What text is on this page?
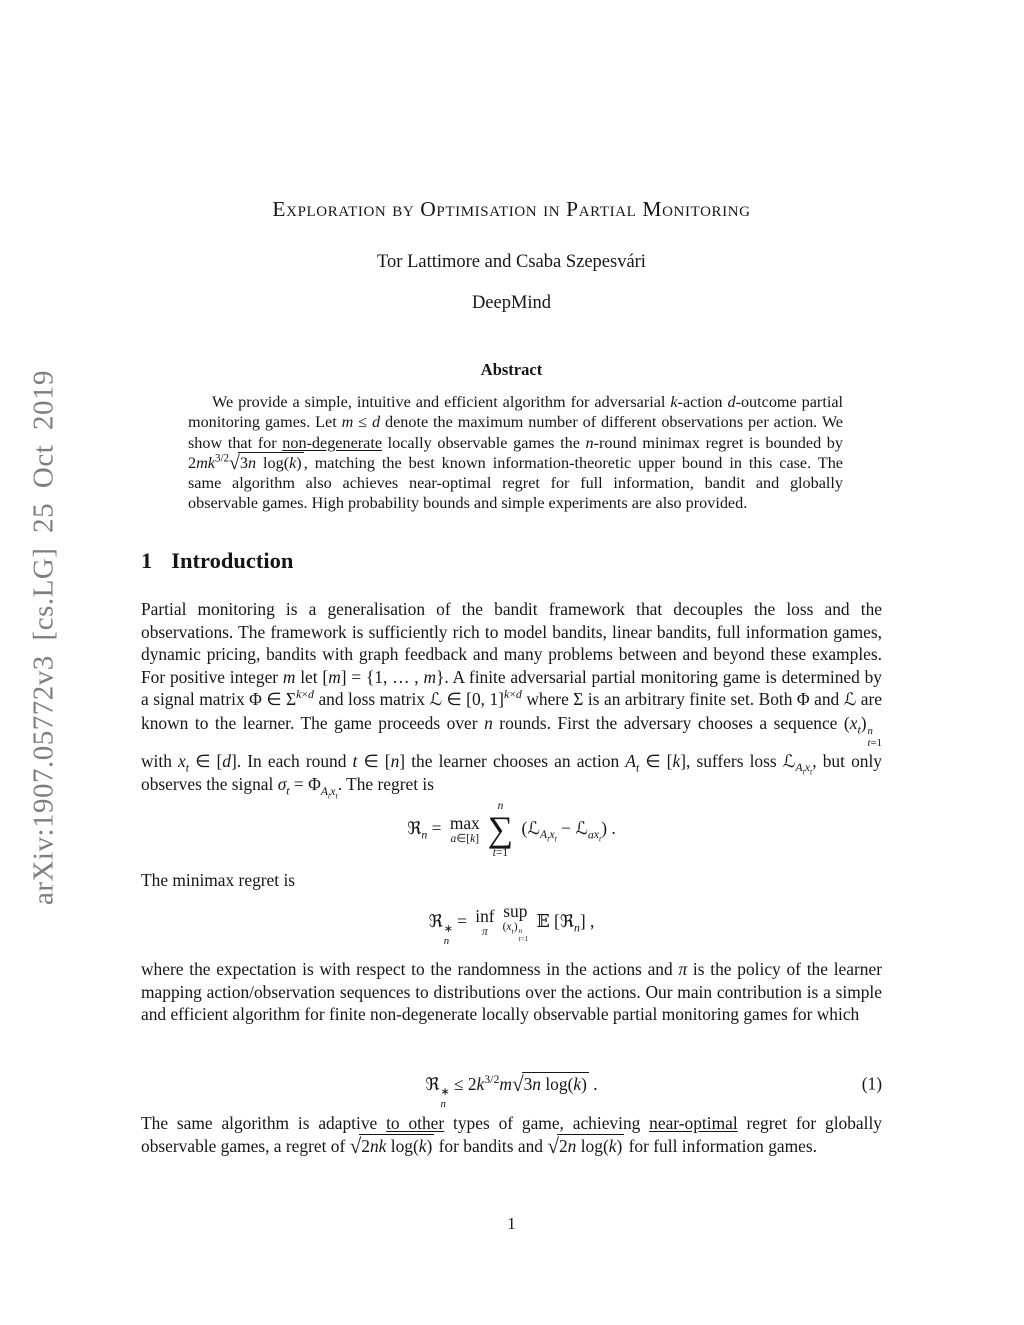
arXiv:1907.05772v3 [cs.LG] 25 Oct 2019
Exploration by Optimisation in Partial Monitoring
Tor Lattimore and Csaba Szepesvári
DeepMind
Abstract
We provide a simple, intuitive and efficient algorithm for adversarial k-action d-outcome partial monitoring games. Let m ≤ d denote the maximum number of different observations per action. We show that for non-degenerate locally observable games the n-round minimax regret is bounded by $2mk^{3/2}√3n$ log(k) , matching the best known information-theoretic upper bound in this case. The same algorithm also achieves near-optimal regret for full information, bandit and globally observable games. High probability bounds and simple experiments are also provided.
1 Introduction
Partial monitoring is a generalisation of the bandit framework that decouples the loss and the observations. The framework is sufficiently rich to model bandits, linear bandits, full information games, dynamic pricing, bandits with graph feedback and many problems between and beyond these examples. For positive integer m let [m] = {1, … , m}. A finite adversarial partial monitoring game is determined by a signal matrix Φ ∈ $\Sigma^{k\times d}$ and loss matrix ℒ ∈ [0, 1]$^{k\times d}$ where Σ is an arbitrary finite set. Both Φ and ℒ are known to the learner. The game proceeds over n rounds. First the adversary chooses a sequence $(x_t)$ n
t=1
with $x_t$ ∈ [d]. In each round t ∈ [n] the learner chooses an action $A_t$ ∈ [k], suffers loss ℒ$_{A_tx_t}$, but only observes the signal $\sigma_t = \Phi_{A_tx_t}$. The regret is
ℜ$_n$ = max
a∈[k]
n
∑
t=1
(ℒ$_{A_tx_t}$ − ℒ$_{ax_t}$) .
The minimax regret is
ℜ ∗
n
= inf
π
sup
$(x_t)$ n
t=1
𝔼 [ℜ$_n$] ,
where the expectation is with respect to the randomness in the actions and π is the policy of the learner mapping action/observation sequences to distributions over the actions. Our main contribution is a simple and efficient algorithm for finite non-degenerate locally observable partial monitoring games for which
ℜ ∗
n
≤ $2k^{3/2}m√3n$ log(k) .	(1)
The same algorithm is adaptive to other types of game, achieving near-optimal regret for globally observable games, a regret of √2nk log(k) for bandits and √2n log(k) for full information games.
1
